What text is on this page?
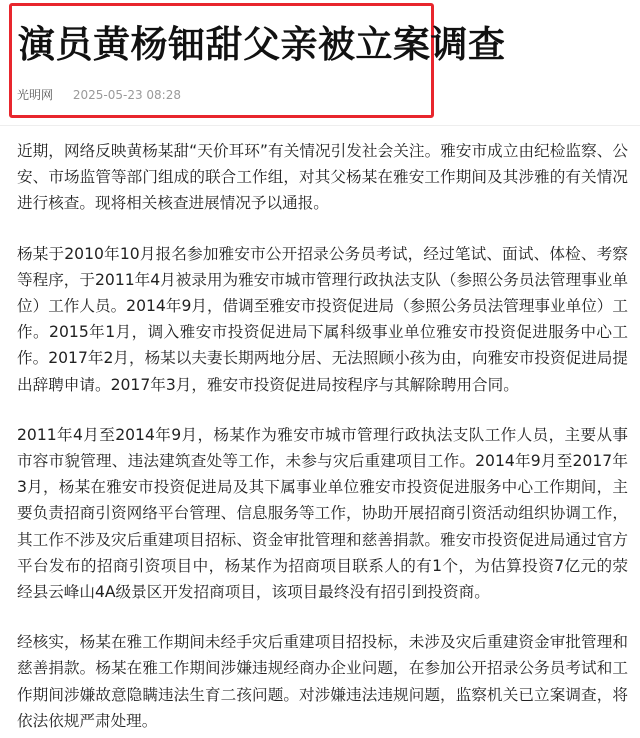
演员黄杨钿甜父亲被立案调查
光明网 2025-05-23 08:28

近期，网络反映黄杨某甜“天价耳环”有关情况引发社会关注。雅安市成立由纪检监察、公安、市场监管等部门组成的联合工作组，对其父杨某在雅安工作期间及其涉雅的有关情况进行核查。现将相关核查进展情况予以通报。

杨某于2010年10月报名参加雅安市公开招录公务员考试，经过笔试、面试、体检、考察等程序，于2011年4月被录用为雅安市城市管理行政执法支队（参照公务员法管理事业单位）工作人员。2014年9月，借调至雅安市投资促进局（参照公务员法管理事业单位）工作。2015年1月，调入雅安市投资促进局下属科级事业单位雅安市投资促进服务中心工作。2017年2月，杨某以夫妻长期两地分居、无法照顾小孩为由，向雅安市投资促进局提出辞聘申请。2017年3月，雅安市投资促进局按程序与其解除聘用合同。

2011年4月至2014年9月，杨某作为雅安市城市管理行政执法支队工作人员，主要从事市容市貌管理、违法建筑查处等工作，未参与灾后重建项目工作。2014年9月至2017年3月，杨某在雅安市投资促进局及其下属事业单位雅安市投资促进服务中心工作期间，主要负责招商引资网络平台管理、信息服务等工作，协助开展招商引资活动组织协调工作，其工作不涉及灾后重建项目招标、资金审批管理和慈善捐款。雅安市投资促进局通过官方平台发布的招商引资项目中，杨某作为招商项目联系人的有1个，为估算投资7亿元的荥经县云峰山4A级景区开发招商项目，该项目最终没有招引到投资商。

经核实，杨某在雅工作期间未经手灾后重建项目招投标，未涉及灾后重建资金审批管理和慈善捐款。杨某在雅工作期间涉嫌违规经商办企业问题，在参加公开招录公务员考试和工作期间涉嫌故意隐瞒违法生育二孩问题。对涉嫌违法违规问题，监察机关已立案调查，将依法依规严肃处理。
